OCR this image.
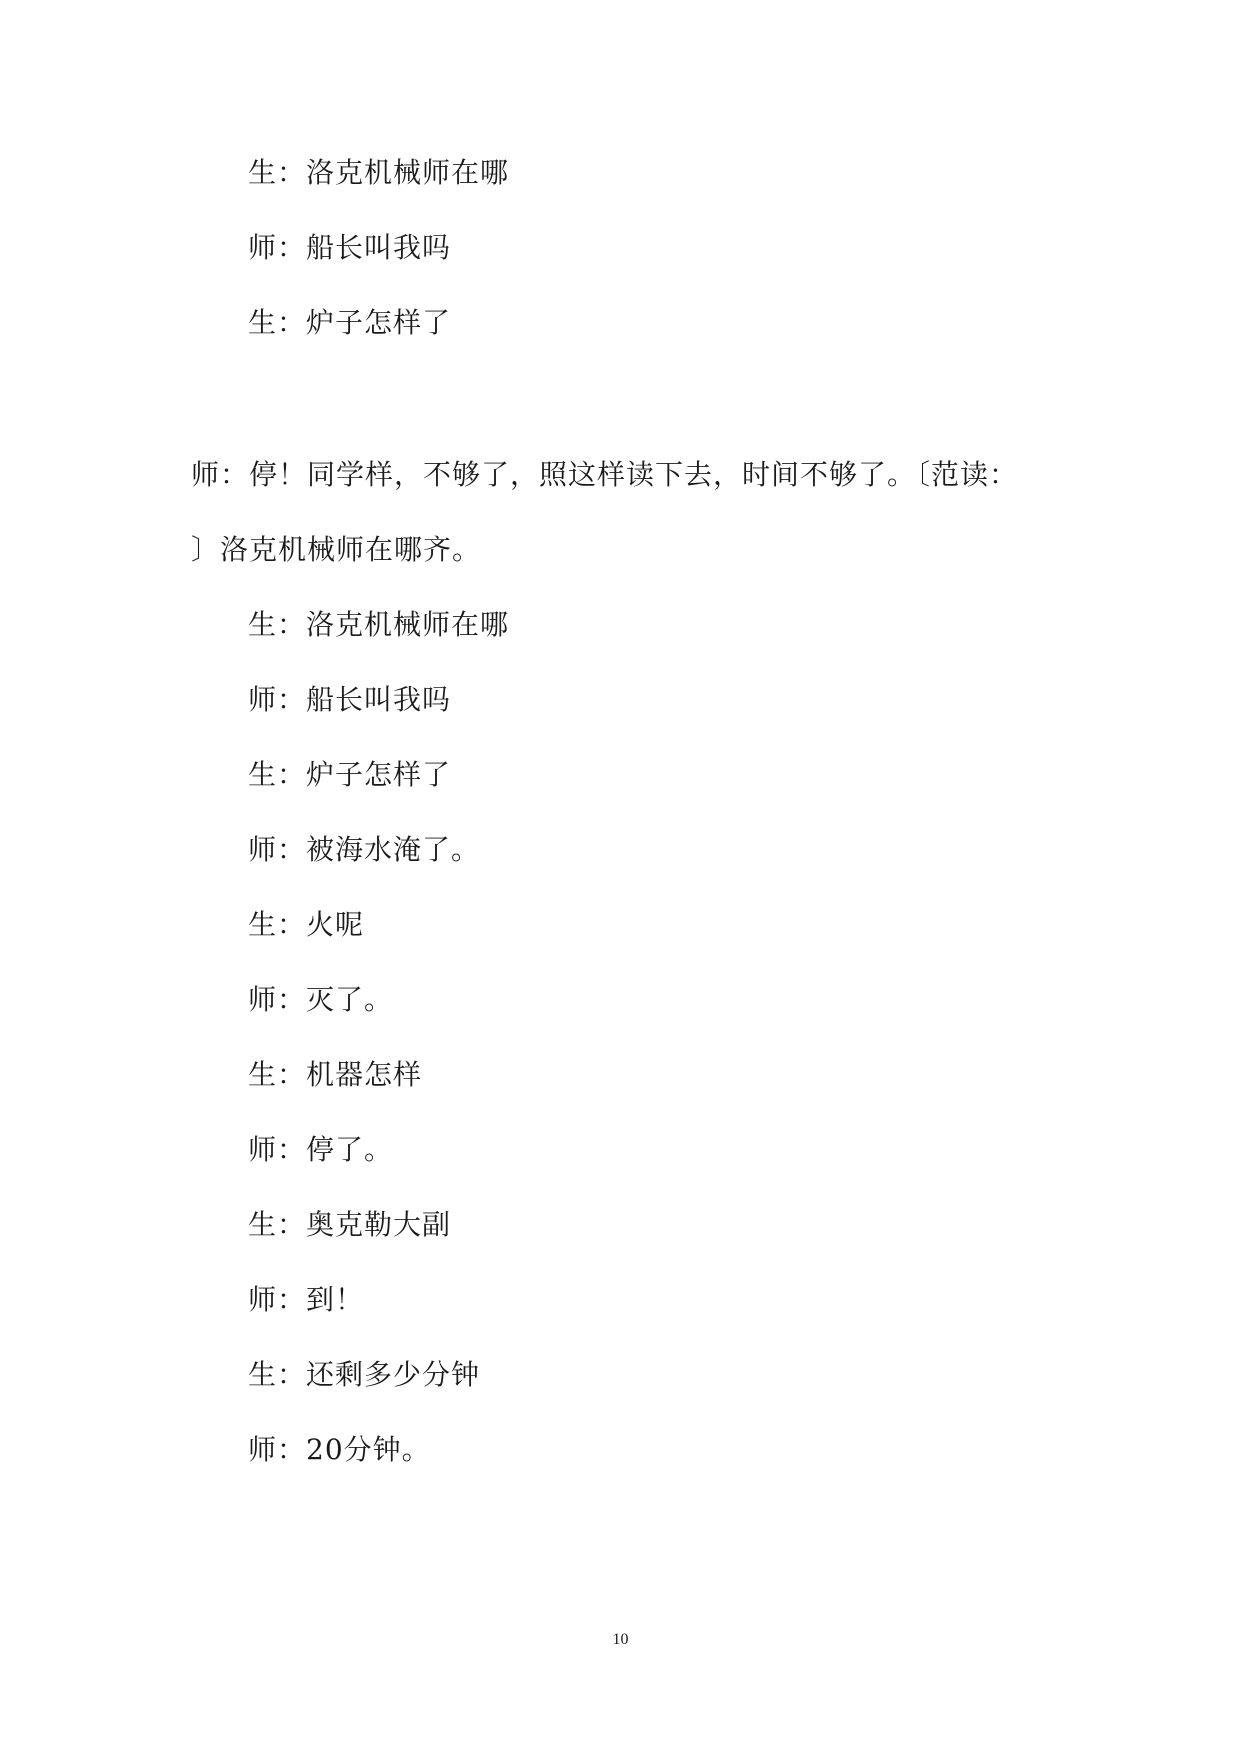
生：洛克机械师在哪
师：船长叫我吗
生：炉子怎样了
师：停！同学样，不够了，照这样读下去，时间不够了。〔范读：
〕洛克机械师在哪齐。
生：洛克机械师在哪
师：船长叫我吗
生：炉子怎样了
师：被海水淹了。
生：火呢
师：灭了。
生：机器怎样
师：停了。
生：奥克勒大副
师：到！
生：还剩多少分钟
师：20分钟。
10
